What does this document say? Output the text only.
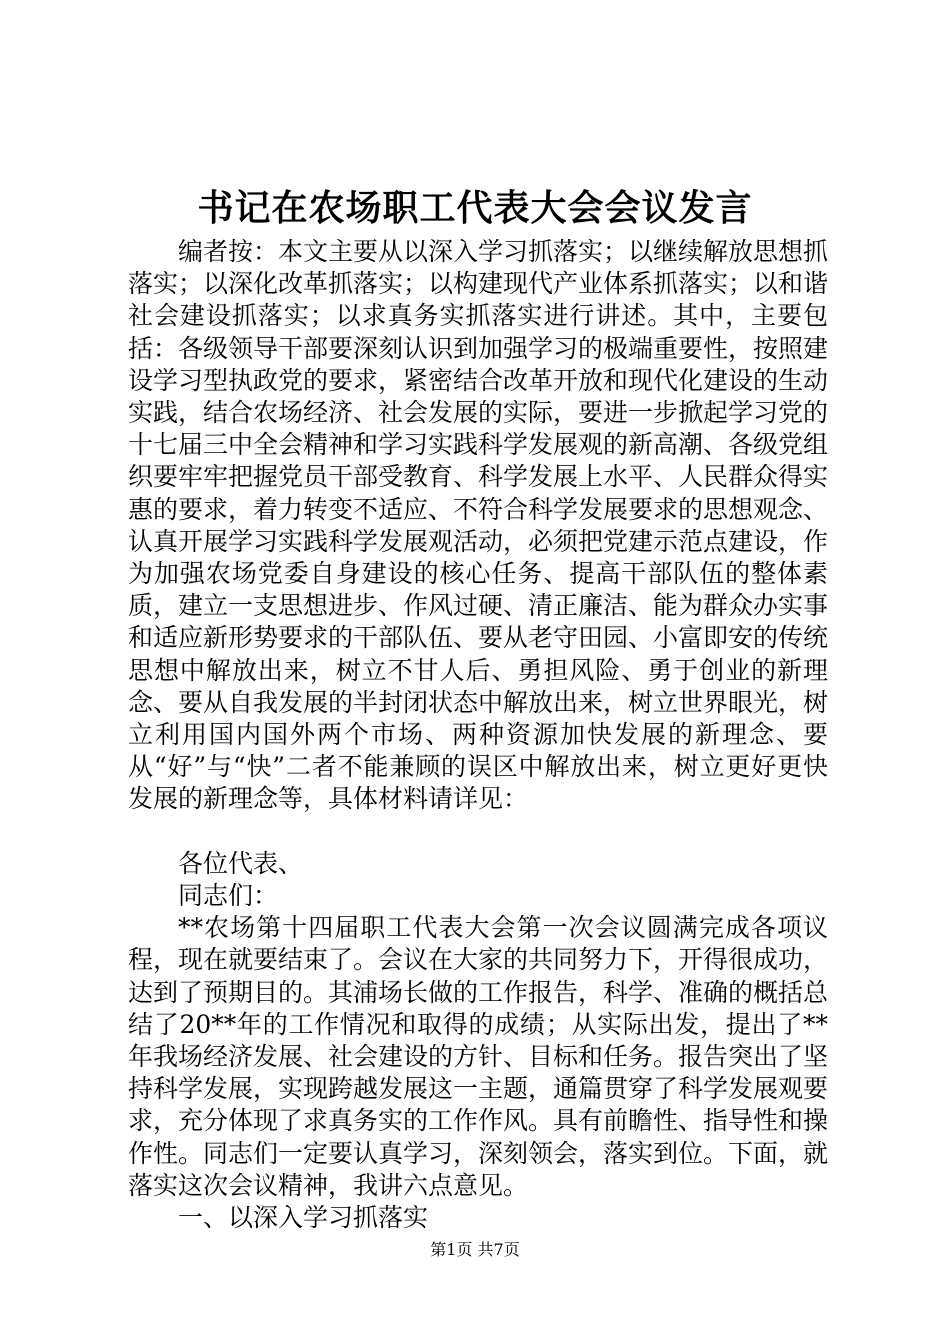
书记在农场职工代表大会会议发言

编者按：本文主要从以深入学习抓落实；以继续解放思想抓落实；以深化改革抓落实；以构建现代产业体系抓落实；以和谐社会建设抓落实；以求真务实抓落实进行讲述。其中，主要包括：各级领导干部要深刻认识到加强学习的极端重要性，按照建设学习型执政党的要求，紧密结合改革开放和现代化建设的生动实践，结合农场经济、社会发展的实际，要进一步掀起学习党的十七届三中全会精神和学习实践科学发展观的新高潮、各级党组织要牢牢把握党员干部受教育、科学发展上水平、人民群众得实惠的要求，着力转变不适应、不符合科学发展要求的思想观念、认真开展学习实践科学发展观活动，必须把党建示范点建设，作为加强农场党委自身建设的核心任务、提高干部队伍的整体素质，建立一支思想进步、作风过硬、清正廉洁、能为群众办实事和适应新形势要求的干部队伍、要从老守田园、小富即安的传统思想中解放出来，树立不甘人后、勇担风险、勇于创业的新理念、要从自我发展的半封闭状态中解放出来，树立世界眼光，树立利用国内国外两个市场、两种资源加快发展的新理念、要从“好”与“快”二者不能兼顾的误区中解放出来，树立更好更快发展的新理念等，具体材料请详见：

各位代表、

同志们：

**农场第十四届职工代表大会第一次会议圆满完成各项议程，现在就要结束了。会议在大家的共同努力下，开得很成功，达到了预期目的。其浦场长做的工作报告，科学、准确的概括总结了20**年的工作情况和取得的成绩；从实际出发，提出了**年我场经济发展、社会建设的方针、目标和任务。报告突出了坚持科学发展，实现跨越发展这一主题，通篇贯穿了科学发展观要求，充分体现了求真务实的工作作风。具有前瞻性、指导性和操作性。同志们一定要认真学习，深刻领会，落实到位。下面，就落实这次会议精神，我讲六点意见。

一、以深入学习抓落实

第1页 共7页
